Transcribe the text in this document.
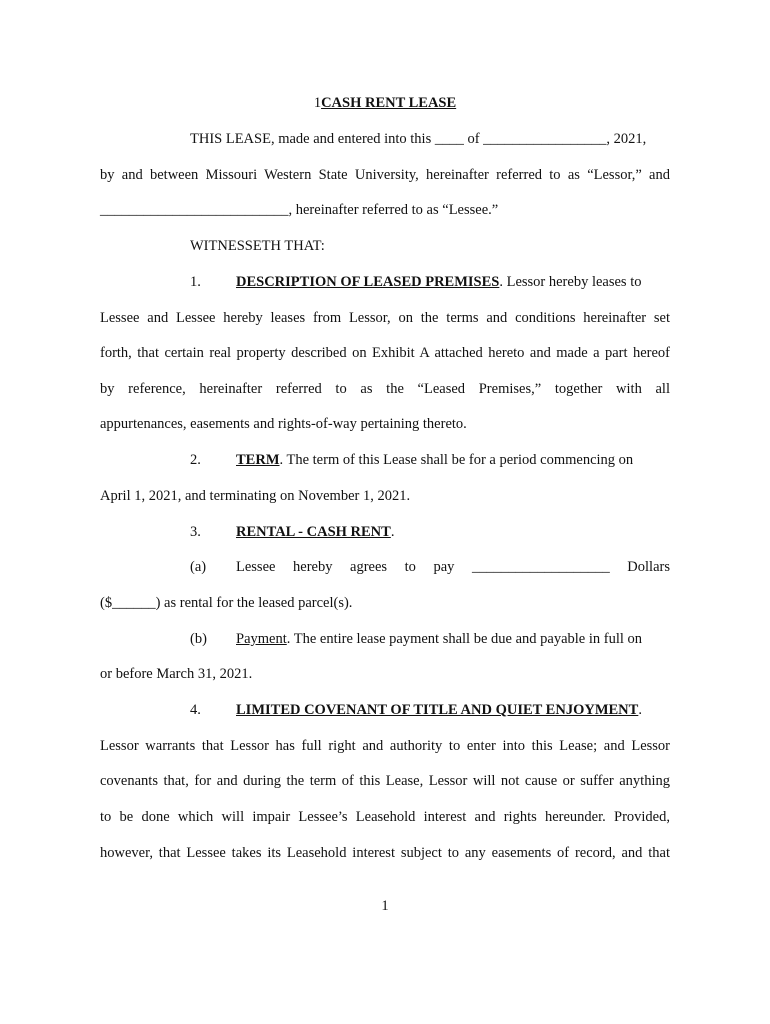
1CASH RENT LEASE
THIS LEASE, made and entered into this ____ of _________________, 2021,
by and between Missouri Western State University, hereinafter referred to as “Lessor,” and
__________________________, hereinafter referred to as “Lessee.”
WITNESSETH THAT:
1. DESCRIPTION OF LEASED PREMISES. Lessor hereby leases to
Lessee and Lessee hereby leases from Lessor, on the terms and conditions hereinafter set
forth, that certain real property described on Exhibit A attached hereto and made a part hereof
by reference, hereinafter referred to as the “Leased Premises,” together with all
appurtenances, easements and rights-of-way pertaining thereto.
2. TERM. The term of this Lease shall be for a period commencing on
April 1, 2021, and terminating on November 1, 2021.
3. RENTAL - CASH RENT.
(a) Lessee hereby agrees to pay ___________________ Dollars
($______) as rental for the leased parcel(s).
(b) Payment. The entire lease payment shall be due and payable in full on
or before March 31, 2021.
4. LIMITED COVENANT OF TITLE AND QUIET ENJOYMENT.
Lessor warrants that Lessor has full right and authority to enter into this Lease; and Lessor
covenants that, for and during the term of this Lease, Lessor will not cause or suffer anything
to be done which will impair Lessee’s Leasehold interest and rights hereunder. Provided,
however, that Lessee takes its Leasehold interest subject to any easements of record, and that
1
